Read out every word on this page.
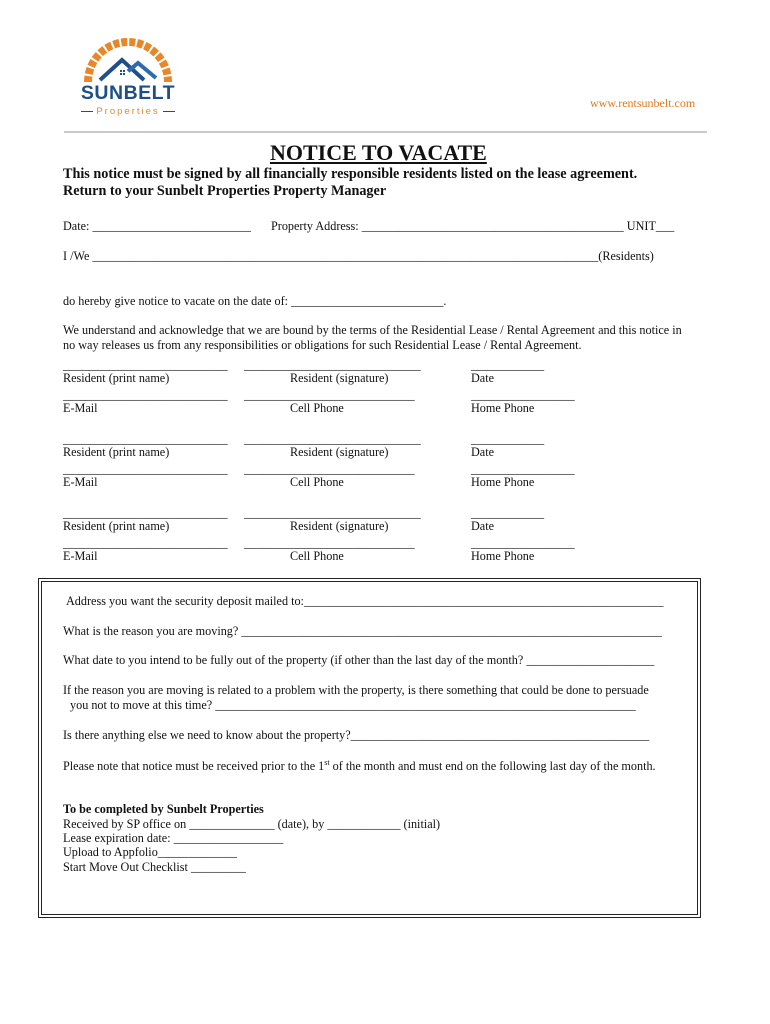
SUNBELT
Properties
www.rentsunbelt.com
NOTICE TO VACATE
This notice must be signed by all financially responsible residents listed on the lease agreement.
Return to your Sunbelt Properties Property Manager
Date: __________________________ Property Address: ___________________________________________ UNIT___
I /We ___________________________________________________________________________________(Residents)
do hereby give notice to vacate on the date of: _________________________.
We understand and acknowledge that we are bound by the terms of the Residential Lease / Rental Agreement and this notice in
no way releases us from any responsibilities or obligations for such Residential Lease / Rental Agreement.
___________________________ _____________________________	____________
Resident (print name)	Resident (signature)	Date
___________________________ ____________________________	_________________
E-Mail	Cell Phone	Home Phone
___________________________ _____________________________	____________
Resident (print name)	Resident (signature)	Date
___________________________ ____________________________	_________________
E-Mail	Cell Phone	Home Phone
___________________________ _____________________________	____________
Resident (print name)	Resident (signature)	Date
___________________________ ____________________________	_________________
E-Mail	Cell Phone	Home Phone
Address you want the security deposit mailed to:___________________________________________________________
What is the reason you are moving? _____________________________________________________________________
What date to you intend to be fully out of the property (if other than the last day of the month? _____________________
If the reason you are moving is related to a problem with the property, is there something that could be done to persuade
you not to move at this time? _____________________________________________________________________
Is there anything else we need to know about the property?_________________________________________________
Please note that notice must be received prior to the 1st of the month and must end on the following last day of the month.
To be completed by Sunbelt Properties
Received by SP office on ______________ (date), by ____________ (initial)
Lease expiration date: __________________
Upload to Appfolio_____________
Start Move Out Checklist _________
